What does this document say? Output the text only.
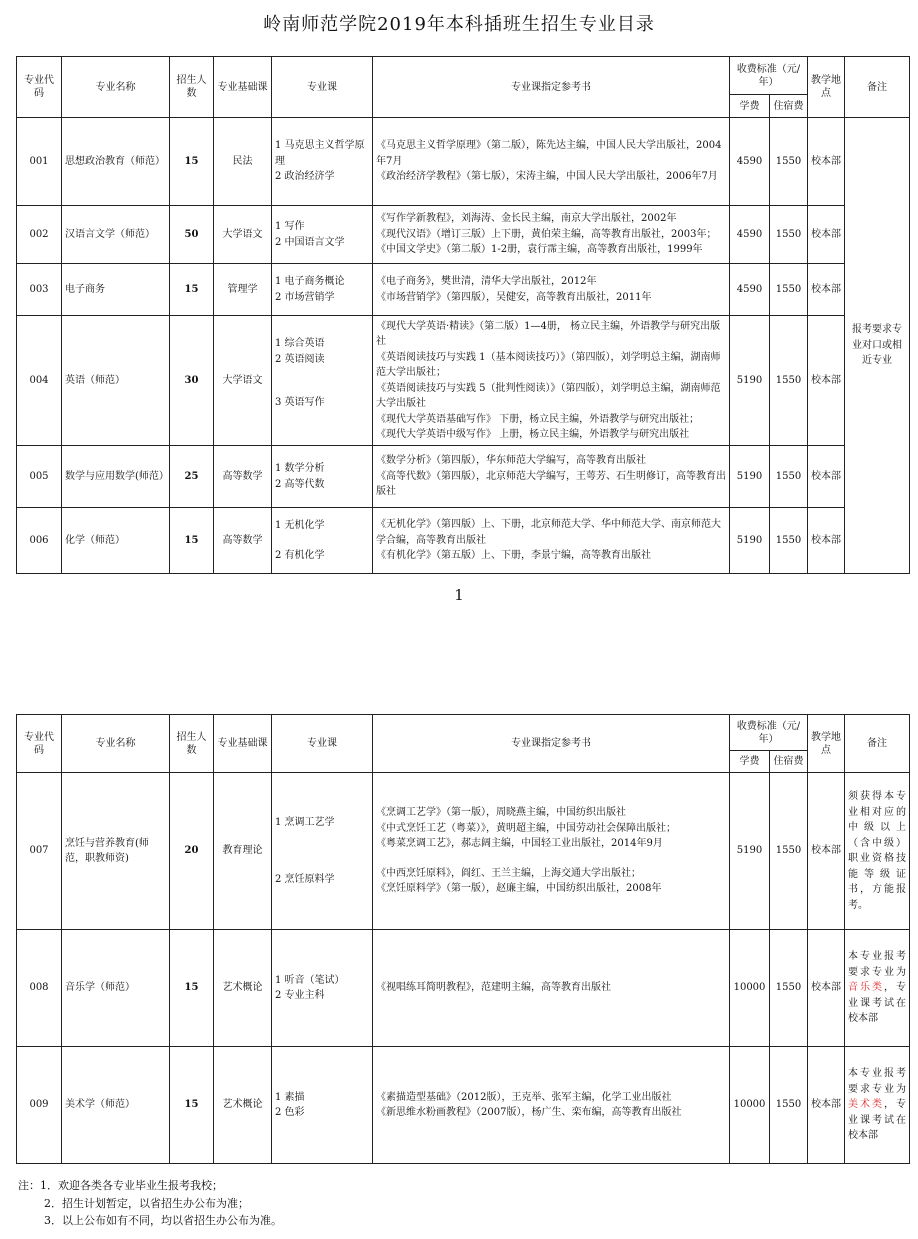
岭南师范学院2019年本科插班生招生专业目录
专业代码	专业名称	招生人数	专业基础课	专业课	专业课指定参考书	收费标准（元/年）		教学地点	备注
						学费	住宿费		
001	思想政治教育（师范）	15	民法	1 马克思主义哲学原理
2 政治经济学	《马克思主义哲学原理》（第二版），陈先达主编，中国人民大学出版社，2004年7月
《政治经济学教程》（第七版），宋涛主编，中国人民大学出版社，2006年7月	4590	1550	校本部	报考要求专业对口或相近专业
002	汉语言文学（师范）	50	大学语文	1 写作
2 中国语言文学	《写作学新教程》，刘海涛、金长民主编，南京大学出版社，2002年
《现代汉语》（增订三版）上下册，黄伯荣主编，高等教育出版社，2003年；
《中国文学史》（第二版）1-2册，袁行霈主编，高等教育出版社，1999年	4590	1550	校本部	
003	电子商务	15	管理学	1 电子商务概论
2 市场营销学	《电子商务》，樊世清，清华大学出版社，2012年
《市场营销学》（第四版），吴健安，高等教育出版社，2011年	4590	1550	校本部	
004	英语（师范）	30	大学语文	1 综合英语
2 英语阅读
3 英语写作	《现代大学英语·精读》（第二版）1—4册， 杨立民主编，外语教学与研究出版社
《英语阅读技巧与实践 1（基本阅读技巧）》（第四版），刘学明总主编，湖南师范大学出版社；
《英语阅读技巧与实践 5（批判性阅读）》（第四版），刘学明总主编，湖南师范大学出版社
《现代大学英语基础写作》 下册，杨立民主编，外语教学与研究出版社；
《现代大学英语中级写作》 上册，杨立民主编，外语教学与研究出版社	5190	1550	校本部	
005	数学与应用数学(师范）	25	高等数学	1 数学分析
2 高等代数	《数学分析》（第四版），华东师范大学编写，高等教育出版社
《高等代数》（第四版），北京师范大学编写，王萼芳、石生明修订，高等教育出版社	5190	1550	校本部	
006	化学（师范）	15	高等数学	1 无机化学
2 有机化学	《无机化学》（第四版）上、下册，北京师范大学、华中师范大学、南京师范大学合编，高等教育出版社
《有机化学》（第五版）上、下册，李景宁编，高等教育出版社	5190	1550	校本部	
1
专业代码	专业名称	招生人数	专业基础课	专业课	专业课指定参考书	收费标准（元/年）		教学地点	备注
						学费	住宿费		
007	烹饪与营养教育(师范，职教师资)	20	教育理论	1 烹调工艺学
2 烹饪原料学	《烹调工艺学》（第一版），周晓燕主编，中国纺织出版社
《中式烹饪工艺（粤菜）》，黄明超主编，中国劳动社会保障出版社；
《粤菜烹调工艺》，郝志阔主编，中国轻工业出版社，2014年9月
《中西烹饪原料》，阎红、王兰主编，上海交通大学出版社；
《烹饪原料学》（第一版），赵廉主编，中国纺织出版社，2008年	5190	1550	校本部	须获得本专业相对应的中级以上（含中级）职业资格技能等级证书，方能报考。
008	音乐学（师范）	15	艺术概论	1 听音（笔试）
2 专业主科	《视唱练耳简明教程》，范建明主编，高等教育出版社	10000	1550	校本部	本专业报考要求专业为音乐类，专业课考试在校本部
009	美术学（师范）	15	艺术概论	1 素描
2 色彩	《素描造型基础》（2012版），王克举、张军主编，化学工业出版社
《新思维水粉画教程》（2007版），杨广生、栾布编，高等教育出版社	10000	1550	校本部	本专业报考要求专业为美术类，专业课考试在校本部
注：1．欢迎各类各专业毕业生报考我校；
2．招生计划暂定，以省招生办公布为准；
3．以上公布如有不同，均以省招生办公布为准。
